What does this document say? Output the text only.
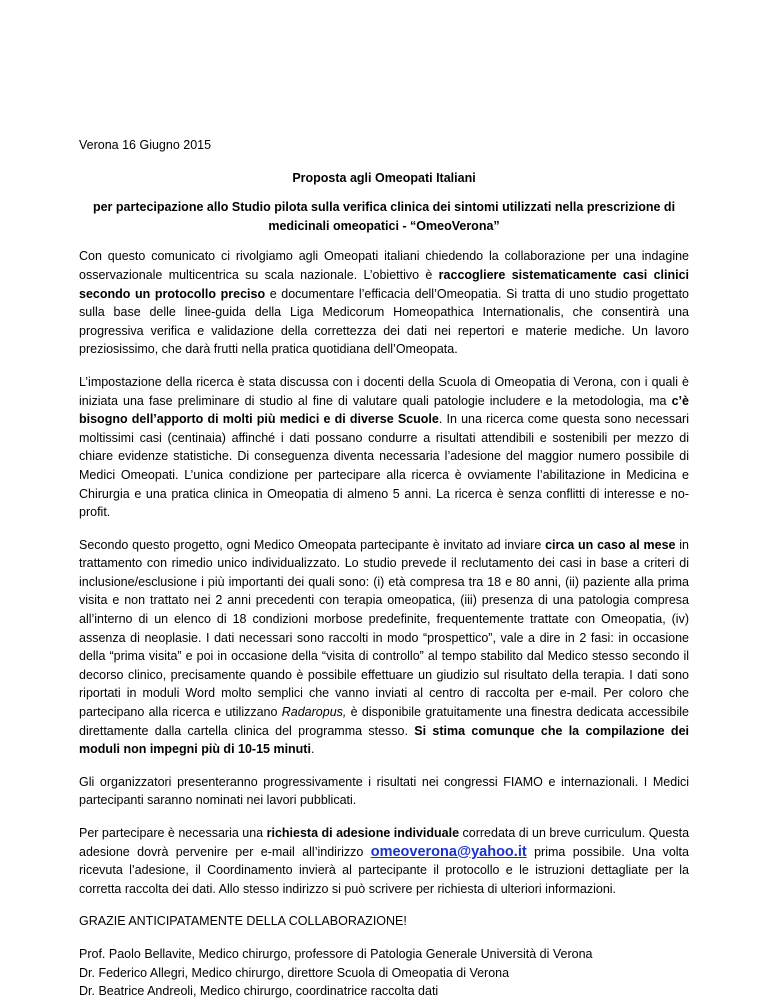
Verona 16 Giugno 2015
Proposta agli Omeopati Italiani
per partecipazione allo Studio pilota sulla verifica clinica dei sintomi utilizzati nella prescrizione di medicinali omeopatici - “OmeoVerona”

Con questo comunicato ci rivolgiamo agli Omeopati italiani chiedendo la collaborazione per una indagine osservazionale multicentrica su scala nazionale. L’obiettivo è raccogliere sistematicamente casi clinici secondo un protocollo preciso e documentare l’efficacia dell’Omeopatia. Si tratta di uno studio progettato sulla base delle linee-guida della Liga Medicorum Homeopathica Internationalis, che consentirà una progressiva verifica e validazione della correttezza dei dati nei repertori e materie mediche. Un lavoro preziosissimo, che darà frutti nella pratica quotidiana dell’Omeopata.

L’impostazione della ricerca è stata discussa con i docenti della Scuola di Omeopatia di Verona, con i quali è iniziata una fase preliminare di studio al fine di valutare quali patologie includere e la metodologia, ma c’è bisogno dell’apporto di molti più medici e di diverse Scuole. In una ricerca come questa sono necessari moltissimi casi (centinaia) affinché i dati possano condurre a risultati attendibili e sostenibili per mezzo di chiare evidenze statistiche. Di conseguenza diventa necessaria l’adesione del maggior numero possibile di Medici Omeopati. L’unica condizione per partecipare alla ricerca è ovviamente l’abilitazione in Medicina e Chirurgia e una pratica clinica in Omeopatia di almeno 5 anni. La ricerca è senza conflitti di interesse e no-profit.

Secondo questo progetto, ogni Medico Omeopata partecipante è invitato ad inviare circa un caso al mese in trattamento con rimedio unico individualizzato. Lo studio prevede il reclutamento dei casi in base a criteri di inclusione/esclusione i più importanti dei quali sono: (i) età compresa tra 18 e 80 anni, (ii) paziente alla prima visita e non trattato nei 2 anni precedenti con terapia omeopatica, (iii) presenza di una patologia compresa all’interno di un elenco di 18 condizioni morbose predefinite, frequentemente trattate con Omeopatia, (iv) assenza di neoplasie. I dati necessari sono raccolti in modo “prospettico”, vale a dire in 2 fasi: in occasione della “prima visita” e poi in occasione della “visita di controllo” al tempo stabilito dal Medico stesso secondo il decorso clinico, precisamente quando è possibile effettuare un giudizio sul risultato della terapia. I dati sono riportati in moduli Word molto semplici che vanno inviati al centro di raccolta per e-mail. Per coloro che partecipano alla ricerca e utilizzano Radaropus, è disponibile gratuitamente una finestra dedicata accessibile direttamente dalla cartella clinica del programma stesso. Si stima comunque che la compilazione dei moduli non impegni più di 10-15 minuti.

Gli organizzatori presenteranno progressivamente i risultati nei congressi FIAMO e internazionali. I Medici partecipanti saranno nominati nei lavori pubblicati.

Per partecipare è necessaria una richiesta di adesione individuale corredata di un breve curriculum. Questa adesione dovrà pervenire per e-mail all’indirizzo omeoverona@yahoo.it prima possibile. Una volta ricevuta l’adesione, il Coordinamento invierà al partecipante il protocollo e le istruzioni dettagliate per la corretta raccolta dei dati. Allo stesso indirizzo si può scrivere per richiesta di ulteriori informazioni.

GRAZIE ANTICIPATAMENTE DELLA COLLABORAZIONE!
Prof. Paolo Bellavite, Medico chirurgo, professore di Patologia Generale Università di Verona
Dr. Federico Allegri, Medico chirurgo, direttore Scuola di Omeopatia di Verona
Dr. Beatrice Andreoli, Medico chirurgo, coordinatrice raccolta dati
